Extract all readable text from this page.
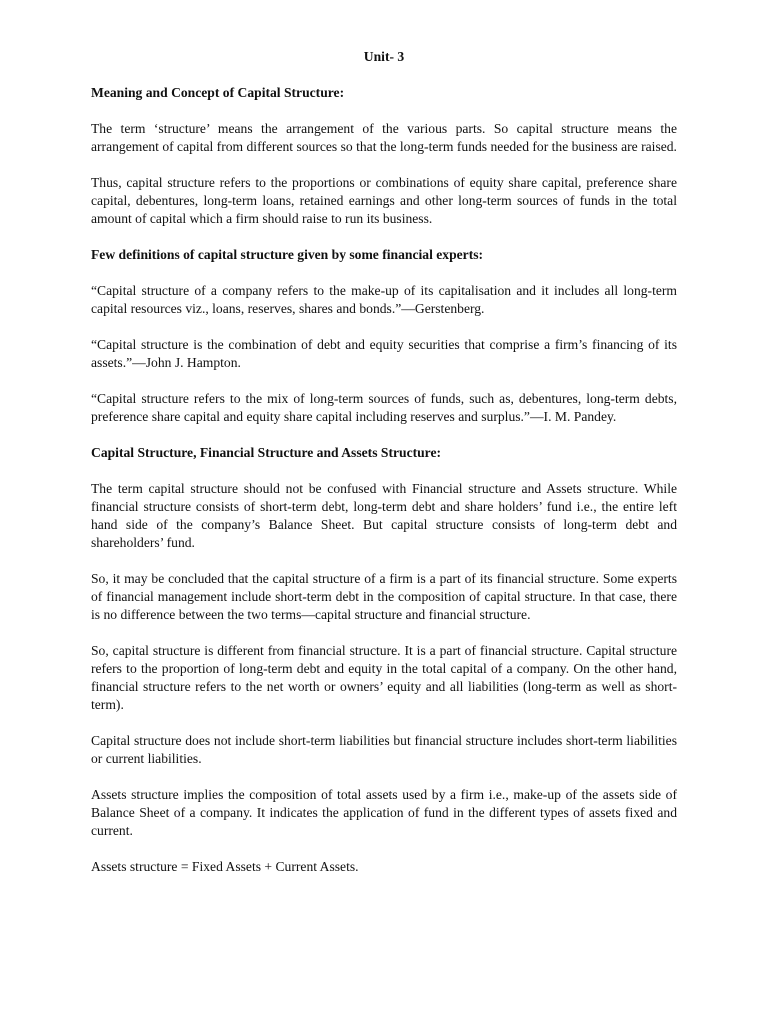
Unit- 3
Meaning and Concept of Capital Structure:

The term ‘structure’ means the arrangement of the various parts. So capital structure means the arrangement of capital from different sources so that the long-term funds needed for the business are raised.

Thus, capital structure refers to the proportions or combinations of equity share capital, preference share capital, debentures, long-term loans, retained earnings and other long-term sources of funds in the total amount of capital which a firm should raise to run its business.

Few definitions of capital structure given by some financial experts:

“Capital structure of a company refers to the make-up of its capitalisation and it includes all long-term capital resources viz., loans, reserves, shares and bonds.”—Gerstenberg.

“Capital structure is the combination of debt and equity securities that comprise a firm’s financing of its assets.”—John J. Hampton.

“Capital structure refers to the mix of long-term sources of funds, such as, debentures, long-term debts, preference share capital and equity share capital including reserves and surplus.”—I. M. Pandey.

Capital Structure, Financial Structure and Assets Structure:

The term capital structure should not be confused with Financial structure and Assets structure. While financial structure consists of short-term debt, long-term debt and share holders’ fund i.e., the entire left hand side of the company’s Balance Sheet. But capital structure consists of long-term debt and shareholders’ fund.

So, it may be concluded that the capital structure of a firm is a part of its financial structure. Some experts of financial management include short-term debt in the composition of capital structure. In that case, there is no difference between the two terms—capital structure and financial structure.

So, capital structure is different from financial structure. It is a part of financial structure. Capital structure refers to the proportion of long-term debt and equity in the total capital of a company. On the other hand, financial structure refers to the net worth or owners’ equity and all liabilities (long-term as well as short-term).

Capital structure does not include short-term liabilities but financial structure includes short-term liabilities or current liabilities.

Assets structure implies the composition of total assets used by a firm i.e., make-up of the assets side of Balance Sheet of a company. It indicates the application of fund in the different types of assets fixed and current.

Assets structure = Fixed Assets + Current Assets.
